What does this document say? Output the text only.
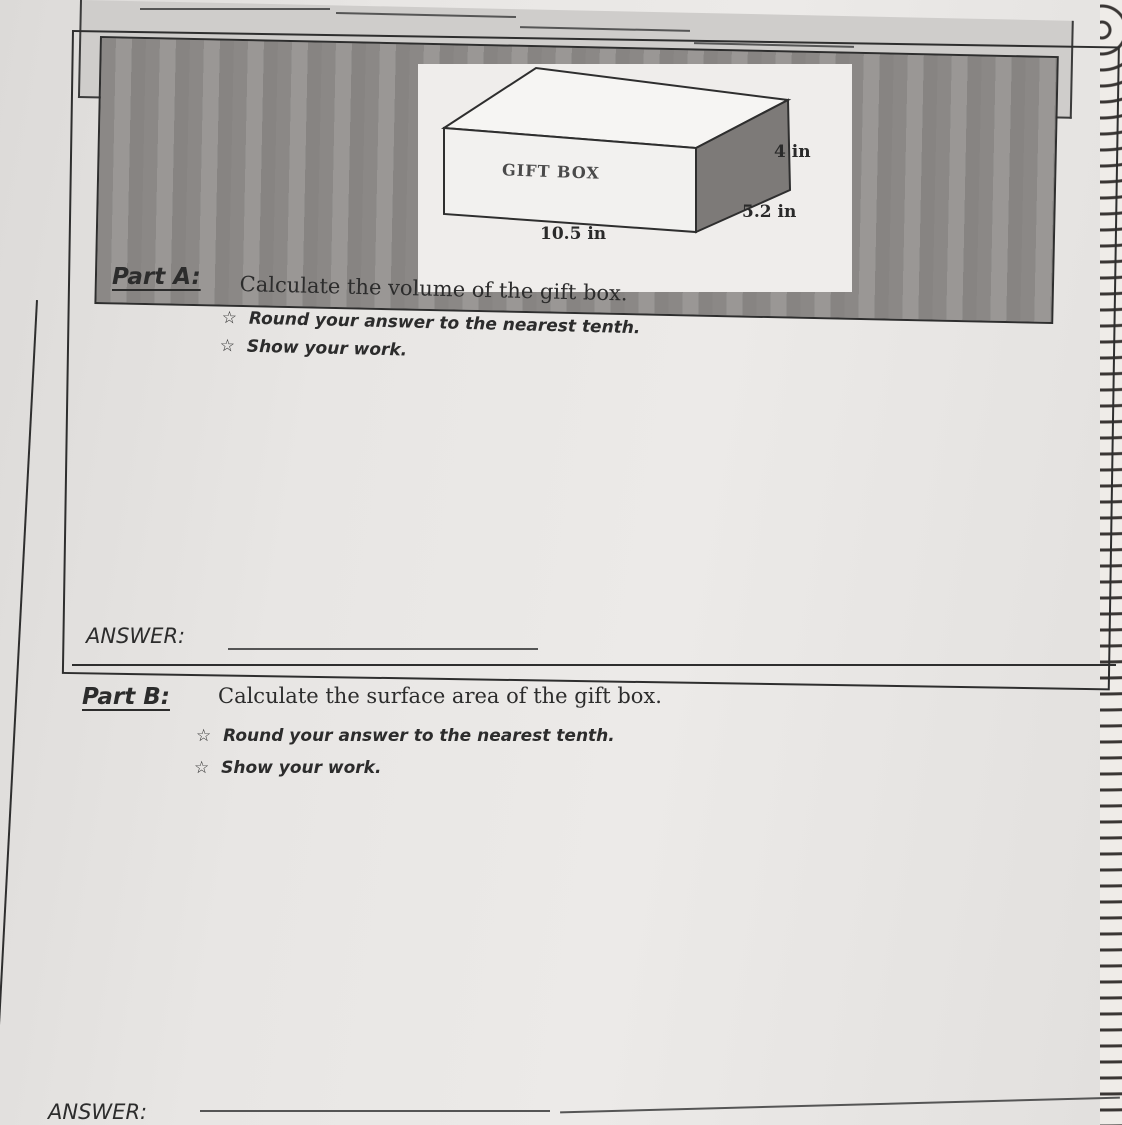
GIFT BOX
4 in
5.2 in
10.5 in
Part A: Calculate the volume of the gift box.
☆ Round your answer to the nearest tenth.
☆ Show your work.
ANSWER:
Part B: Calculate the surface area of the gift box.
☆ Round your answer to the nearest tenth.
☆ Show your work.
ANSWER:
